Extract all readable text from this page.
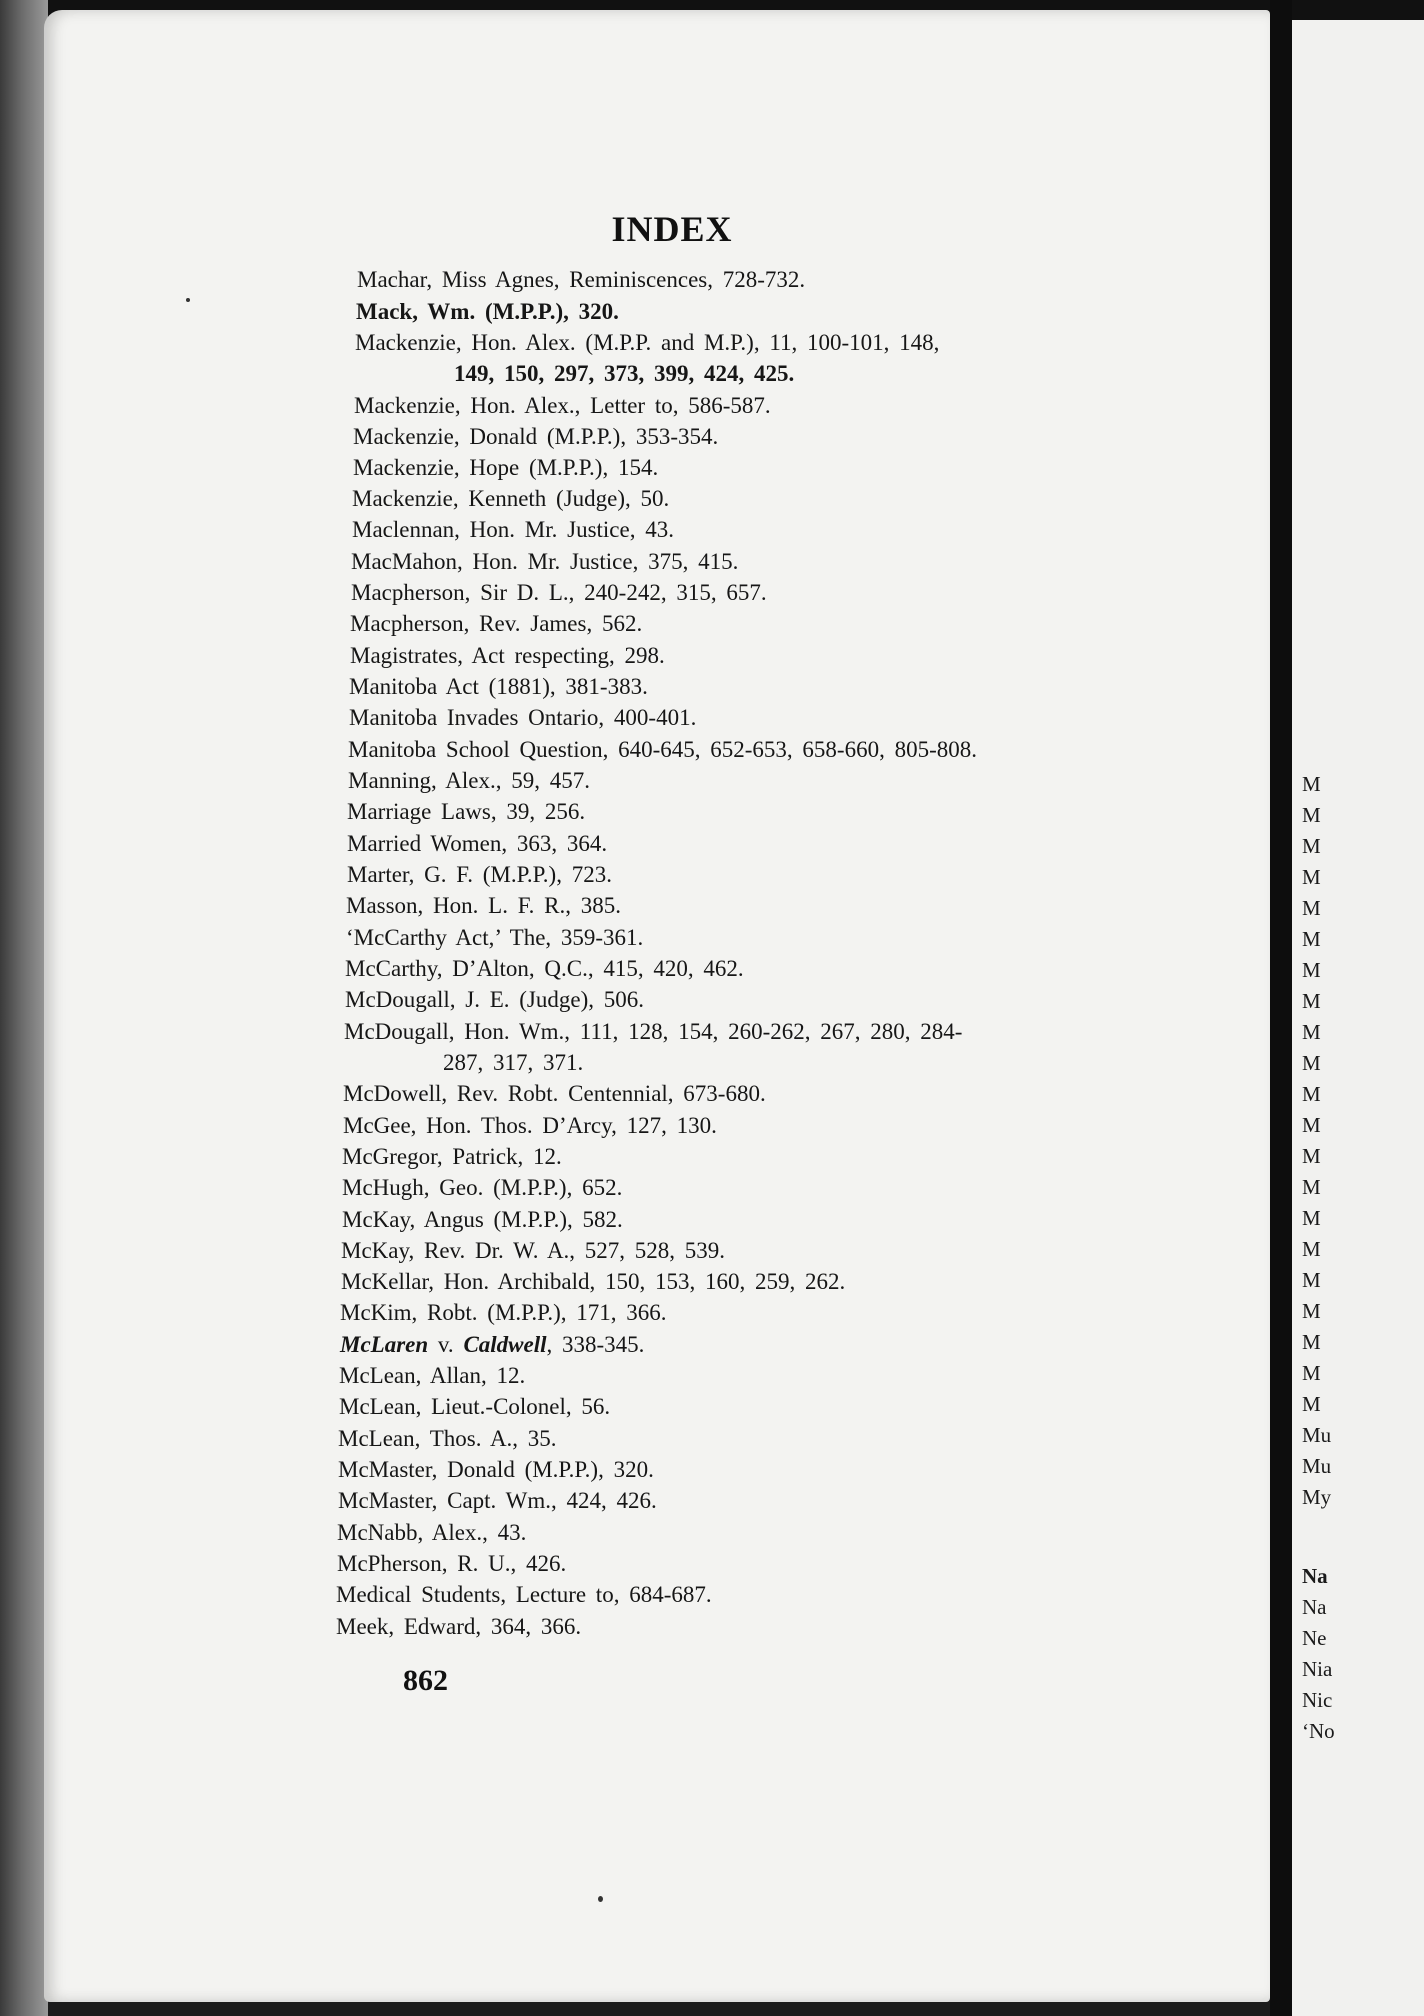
INDEX
Machar, Miss Agnes, Reminiscences, 728-732.
Mack, Wm. (M.P.P.), 320.
Mackenzie, Hon. Alex. (M.P.P. and M.P.), 11, 100-101, 148,
149, 150, 297, 373, 399, 424, 425.
Mackenzie, Hon. Alex., Letter to, 586-587.
Mackenzie, Donald (M.P.P.), 353-354.
Mackenzie, Hope (M.P.P.), 154.
Mackenzie, Kenneth (Judge), 50.
Maclennan, Hon. Mr. Justice, 43.
MacMahon, Hon. Mr. Justice, 375, 415.
Macpherson, Sir D. L., 240-242, 315, 657.
Macpherson, Rev. James, 562.
Magistrates, Act respecting, 298.
Manitoba Act (1881), 381-383.
Manitoba Invades Ontario, 400-401.
Manitoba School Question, 640-645, 652-653, 658-660, 805-808.
Manning, Alex., 59, 457.
Marriage Laws, 39, 256.
Married Women, 363, 364.
Marter, G. F. (M.P.P.), 723.
Masson, Hon. L. F. R., 385.
‘McCarthy Act,’ The, 359-361.
McCarthy, D’Alton, Q.C., 415, 420, 462.
McDougall, J. E. (Judge), 506.
McDougall, Hon. Wm., 111, 128, 154, 260-262, 267, 280, 284-
287, 317, 371.
McDowell, Rev. Robt. Centennial, 673-680.
McGee, Hon. Thos. D’Arcy, 127, 130.
McGregor, Patrick, 12.
McHugh, Geo. (M.P.P.), 652.
McKay, Angus (M.P.P.), 582.
McKay, Rev. Dr. W. A., 527, 528, 539.
McKellar, Hon. Archibald, 150, 153, 160, 259, 262.
McKim, Robt. (M.P.P.), 171, 366.
McLaren v. Caldwell, 338-345.
McLean, Allan, 12.
McLean, Lieut.-Colonel, 56.
McLean, Thos. A., 35.
McMaster, Donald (M.P.P.), 320.
McMaster, Capt. Wm., 424, 426.
McNabb, Alex., 43.
McPherson, R. U., 426.
Medical Students, Lecture to, 684-687.
Meek, Edward, 364, 366.
862
M
M
M
M
M
M
M
M
M
M
M
M
M
M
M
M
M
M
M
M
M
Mu
Mu
My
Na
Na
Ne
Nia
Nic
‘No
